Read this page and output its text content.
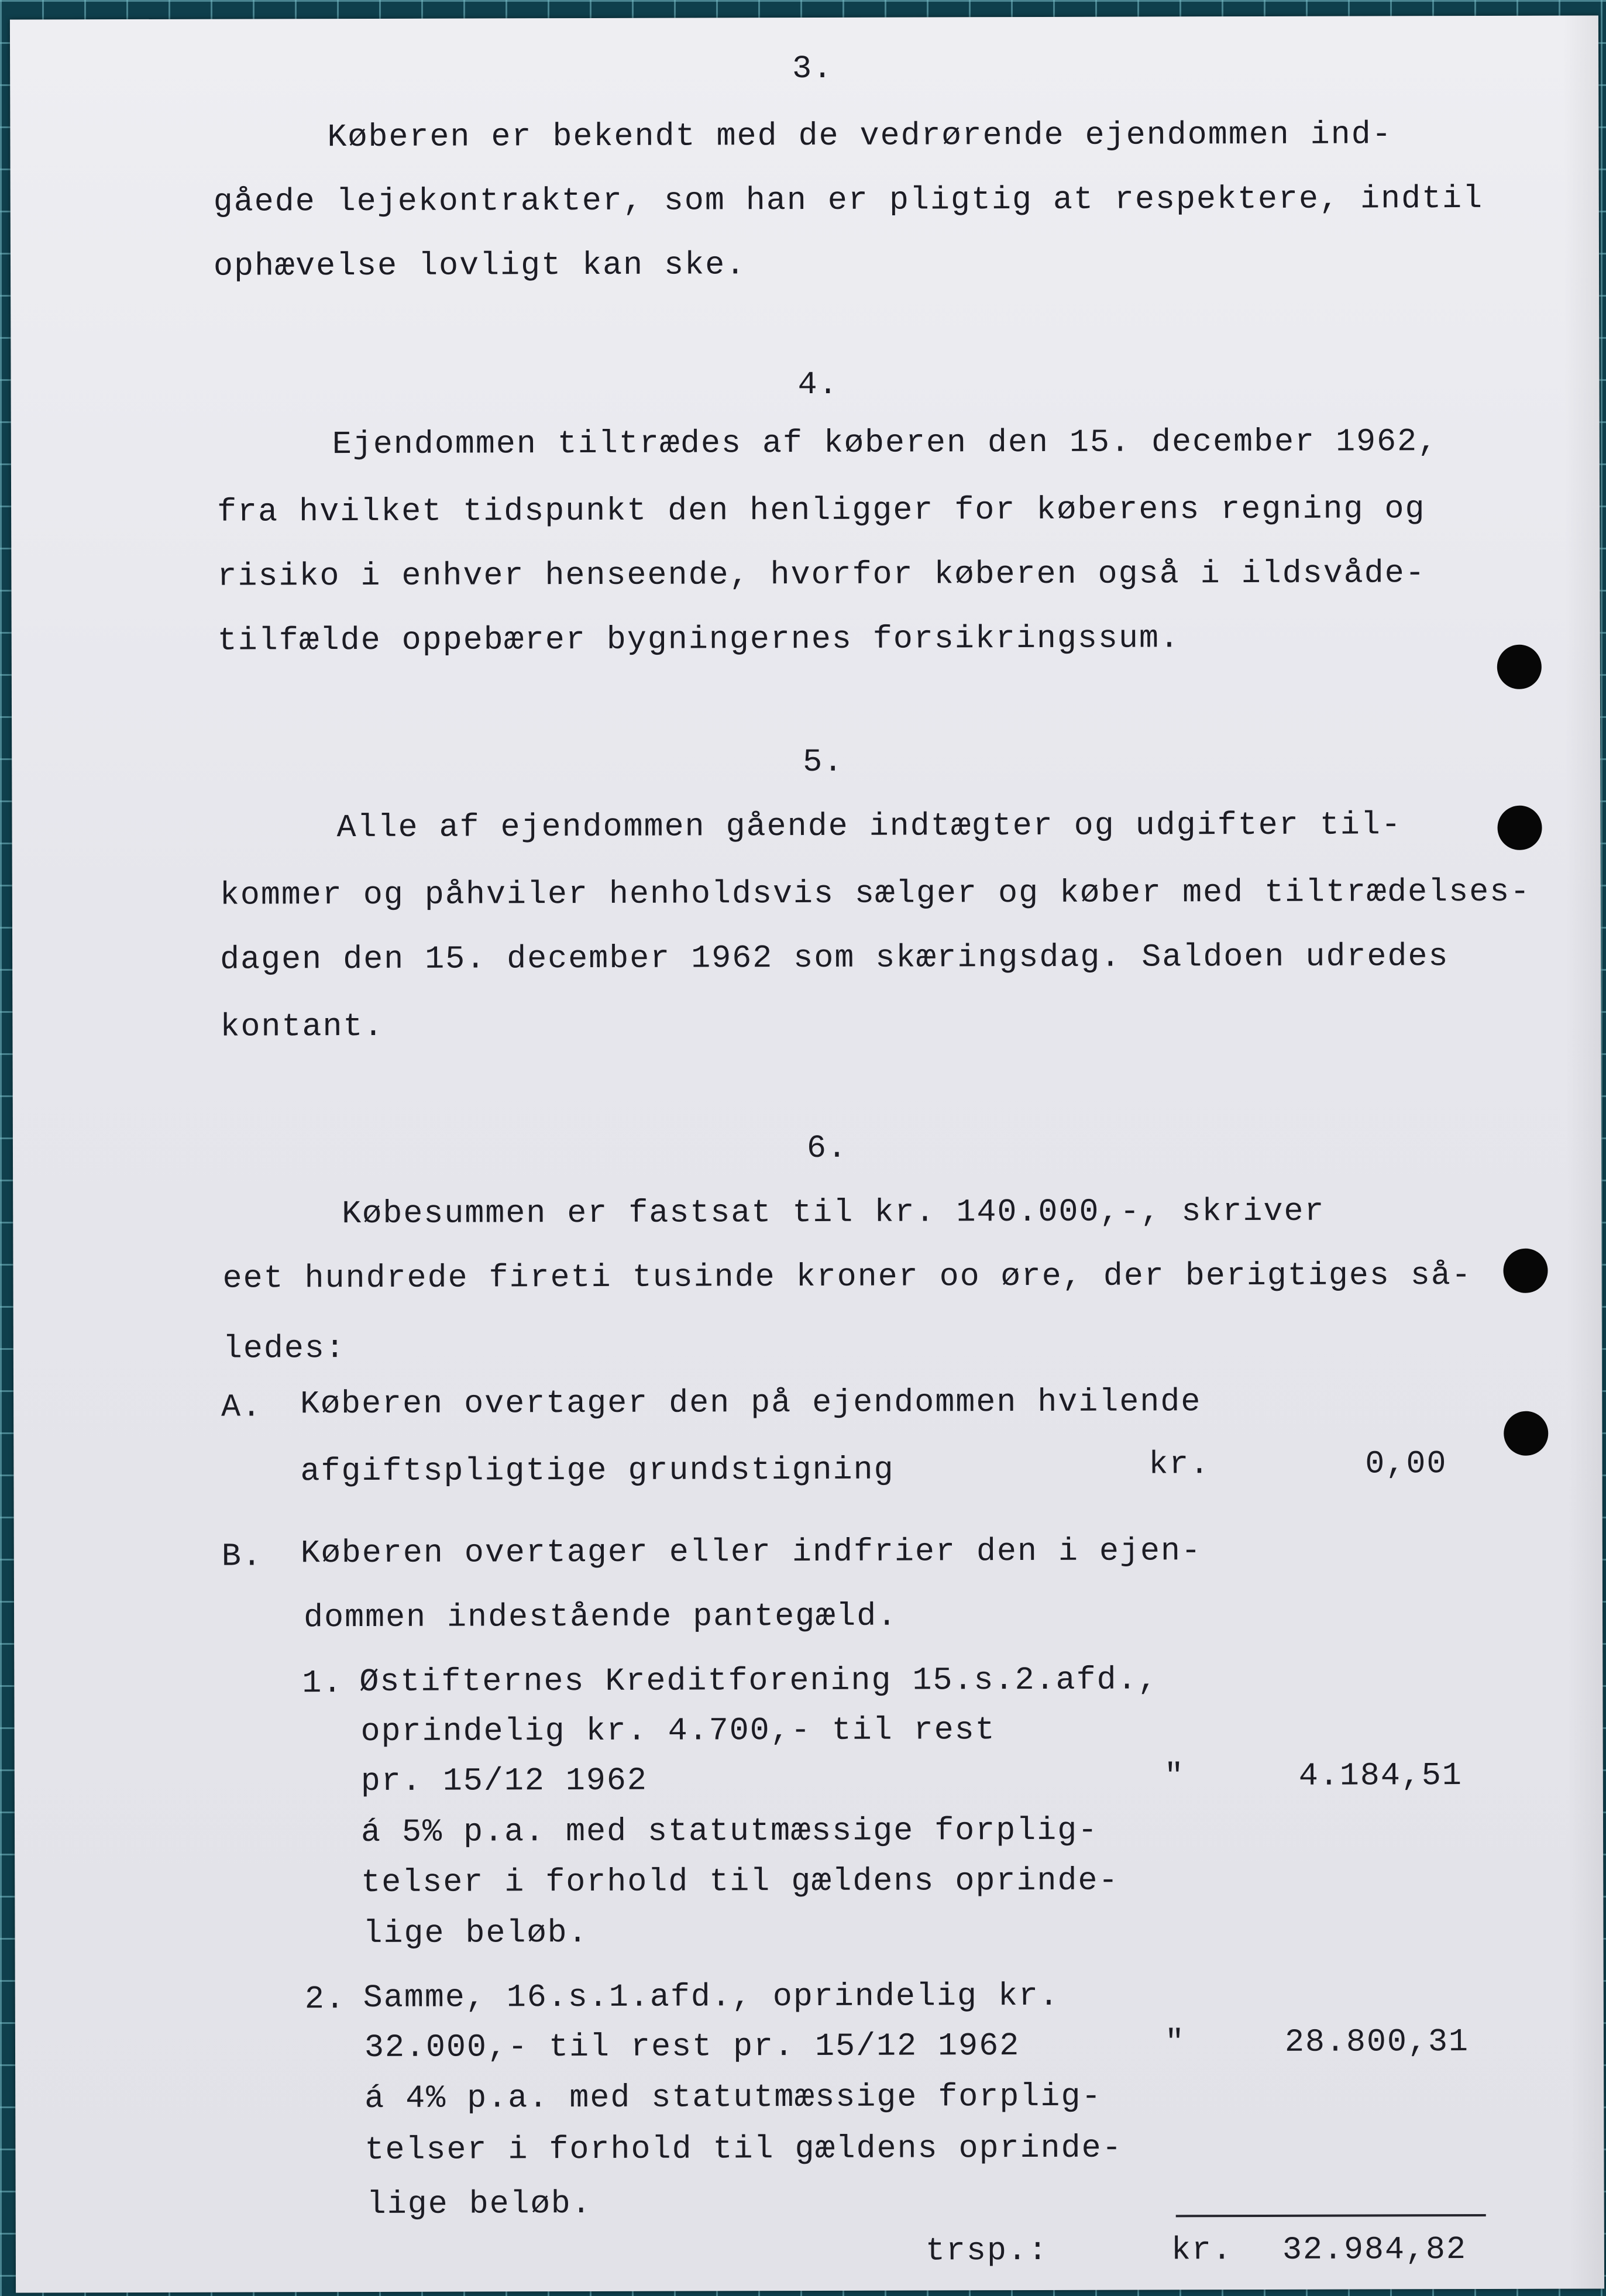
3.
Køberen er bekendt med de vedrørende ejendommen ind-
gåede lejekontrakter, som han er pligtig at respektere, indtil
ophævelse lovligt kan ske.
4.
Ejendommen tiltrædes af køberen den 15. december 1962,
fra hvilket tidspunkt den henligger for køberens regning og
risiko i enhver henseende, hvorfor køberen også i ildsvåde-
tilfælde oppebærer bygningernes forsikringssum.
5.
Alle af ejendommen gående indtægter og udgifter til-
kommer og påhviler henholdsvis sælger og køber med tiltrædelses-
dagen den 15. december 1962 som skæringsdag. Saldoen udredes
kontant.
6.
Købesummen er fastsat til kr. 140.000,-, skriver
eet hundrede fireti tusinde kroner oo øre, der berigtiges så-
ledes:
A. Køberen overtager den på ejendommen hvilende
afgiftspligtige grundstigning	kr.	0,00
B. Køberen overtager eller indfrier den i ejen-
dommen indestående pantegæld.
1. Østifternes Kreditforening 15.s.2.afd.,
oprindelig kr. 4.700,- til rest
pr. 15/12 1962	"	4.184,51
á 5% p.a. med statutmæssige forplig-
telser i forhold til gældens oprinde-
lige beløb.
2. Samme, 16.s.1.afd., oprindelig kr.
32.000,- til rest pr. 15/12 1962	"	28.800,31
á 4% p.a. med statutmæssige forplig-
telser i forhold til gældens oprinde-
lige beløb.
trsp.:	kr. 32.984,82
